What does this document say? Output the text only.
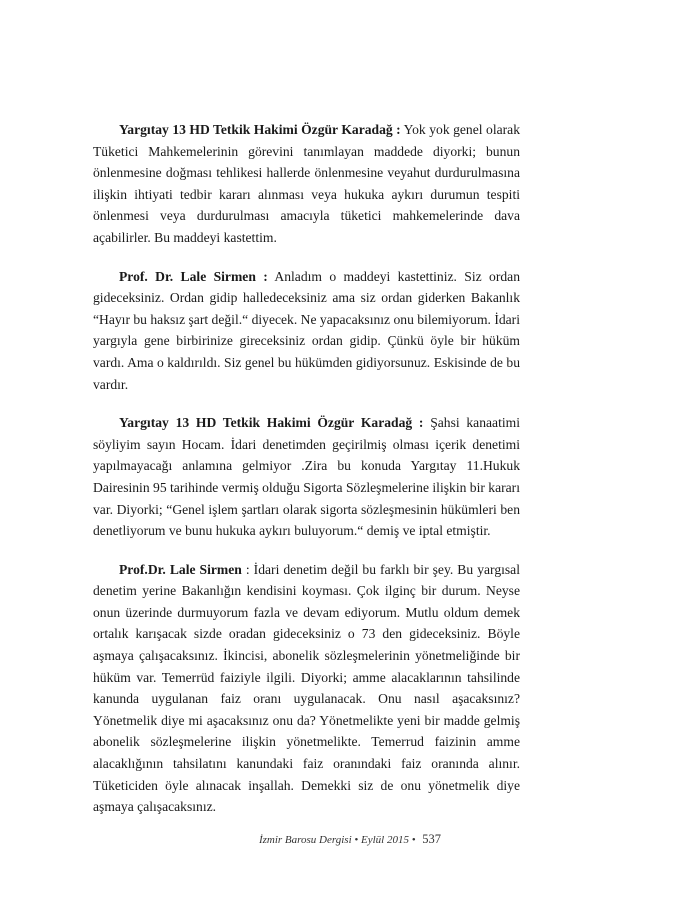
Yargıtay 13 HD Tetkik Hakimi Özgür Karadağ : Yok yok genel olarak Tüketici Mahkemelerinin görevini tanımlayan maddede diyorki; bunun önlenmesine doğması tehlikesi hallerde önlenmesine veyahut durdurulmasına ilişkin ihtiyati tedbir kararı alınması veya hukuka aykırı durumun tespiti önlenmesi veya durdurulması amacıyla tüketici mahkemelerinde dava açabilirler. Bu maddeyi kastettim.

Prof. Dr. Lale Sirmen : Anladım o maddeyi kastettiniz. Siz ordan gideceksiniz. Ordan gidip halledeceksiniz ama siz ordan giderken Bakanlık “Hayır bu haksız şart değil.“ diyecek. Ne yapacaksınız onu bilemiyorum. İdari yargıyla gene birbirinize gireceksiniz ordan gidip. Çünkü öyle bir hüküm vardı. Ama o kaldırıldı. Siz genel bu hükümden gidiyorsunuz. Eskisinde de bu vardır.

Yargıtay 13 HD Tetkik Hakimi Özgür Karadağ : Şahsi kanaatimi söyliyim sayın Hocam. İdari denetimden geçirilmiş olması içerik denetimi yapılmayacağı anlamına gelmiyor .Zira bu konuda Yargıtay 11.Hukuk Dairesinin 95 tarihinde vermiş olduğu Sigorta Sözleşmelerine ilişkin bir kararı var. Diyorki; “Genel işlem şartları olarak sigorta sözleşmesinin hükümleri ben denetliyorum ve bunu hukuka aykırı buluyorum.“ demiş ve iptal etmiştir.

Prof.Dr. Lale Sirmen : İdari denetim değil bu farklı bir şey. Bu yargısal denetim yerine Bakanlığın kendisini koyması. Çok ilginç bir durum. Neyse onun üzerinde durmuyorum fazla ve devam ediyorum. Mutlu oldum demek ortalık karışacak sizde oradan gideceksiniz o 73 den gideceksiniz. Böyle aşmaya çalışacaksınız. İkincisi, abonelik sözleşmelerinin yönetmeliğinde bir hüküm var. Temerrüd faiziyle ilgili. Diyorki; amme alacaklarının tahsilinde kanunda uygulanan faiz oranı uygulanacak. Onu nasıl aşacaksınız? Yönetmelik diye mi aşacaksınız onu da? Yönetmelikte yeni bir madde gelmiş abonelik sözleşmelerine ilişkin yönetmelikte. Temerrud faizinin amme alacaklığının tahsilatını kanundaki faiz oranındaki faiz oranında alınır. Tüketiciden öyle alınacak inşallah. Demekki siz de onu yönetmelik diye aşmaya çalışacaksınız.

İzmir Barosu Dergisi • Eylül 2015 • 537
